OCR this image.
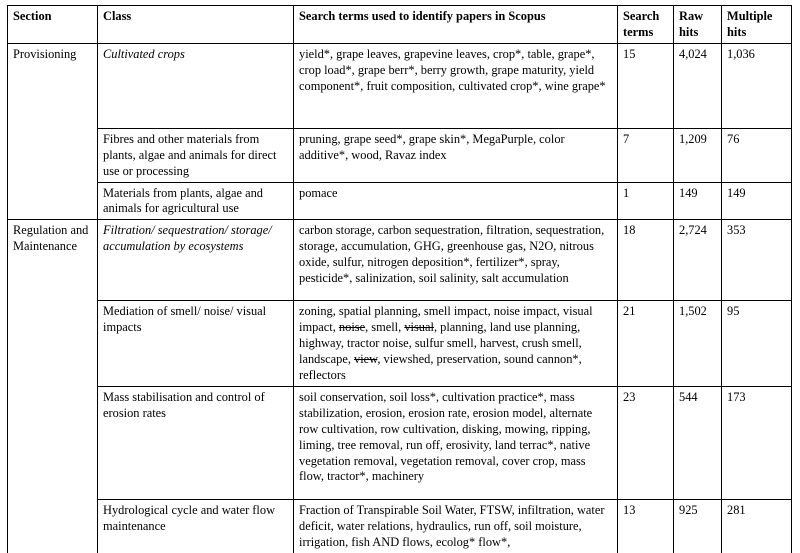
Section	Class	Search terms used to identify papers in Scopus	Search terms	Raw hits	Multiple hits
Provisioning	Cultivated crops	yield*, grape leaves, grapevine leaves, crop*, table, grape*, crop load*, grape berr*, berry growth, grape maturity, yield component*, fruit composition, cultivated crop*, wine grape*	15	4,024	1,036
	Fibres and other materials from plants, algae and animals for direct use or processing	pruning, grape seed*, grape skin*, MegaPurple, color additive*, wood, Ravaz index	7	1,209	76
	Materials from plants, algae and animals for agricultural use	pomace	1	149	149
Regulation and Maintenance	Filtration/ sequestration/ storage/ accumulation by ecosystems	carbon storage, carbon sequestration, filtration, sequestration, storage, accumulation, GHG, greenhouse gas, N2O, nitrous oxide, sulfur, nitrogen deposition*, fertilizer*, spray, pesticide*, salinization, soil salinity, salt accumulation	18	2,724	353
	Mediation of smell/ noise/ visual impacts	zoning, spatial planning, smell impact, noise impact, visual impact, noise, smell, visual, planning, land use planning, highway, tractor noise, sulfur smell, harvest, crush smell, landscape, view, viewshed, preservation, sound cannon*, reflectors	21	1,502	95
	Mass stabilisation and control of erosion rates	soil conservation, soil loss*, cultivation practice*, mass stabilization, erosion, erosion rate, erosion model, alternate row cultivation, row cultivation, disking, mowing, ripping, liming, tree removal, run off, erosivity, land terrac*, native vegetation removal, vegetation removal, cover crop, mass flow, tractor*, machinery	23	544	173
	Hydrological cycle and water flow maintenance	Fraction of Transpirable Soil Water, FTSW, infiltration, water deficit, water relations, hydraulics, run off, soil moisture, irrigation, fish AND flows, ecolog* flow*,	13	925	281
